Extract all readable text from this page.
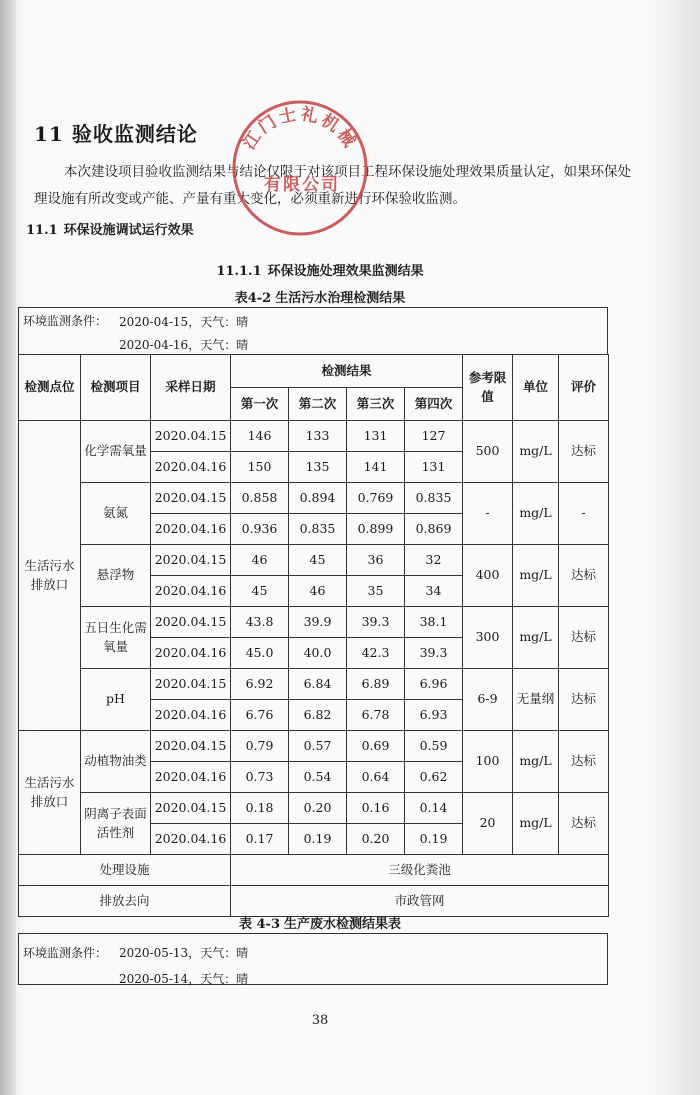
11 验收监测结论
本次建设项目验收监测结果与结论仅限于对该项目工程环保设施处理效果质量认定，如果环保处理设施有所改变或产能、产量有重大变化，必须重新进行环保验收监测。
11.1 环保设施调试运行效果
11.1.1 环保设施处理效果监测结果
表4-2 生活污水治理检测结果
环境监测条件： 2020-04-15，天气：晴
2020-04-16，天气：晴
检测点位	检测项目	采样日期	检测结果				参考限值	单位	评价
			第一次	第二次	第三次	第四次			
生活污水排放口	化学需氧量	2020.04.15	146	133	131	127	500	mg/L	达标
		2020.04.16	150	135	141	131			
	氨氮	2020.04.15	0.858	0.894	0.769	0.835	-	mg/L	-
		2020.04.16	0.936	0.835	0.899	0.869			
	悬浮物	2020.04.15	46	45	36	32	400	mg/L	达标
		2020.04.16	45	46	35	34			
	五日生化需氧量	2020.04.15	43.8	39.9	39.3	38.1	300	mg/L	达标
		2020.04.16	45.0	40.0	42.3	39.3			
	pH	2020.04.15	6.92	6.84	6.89	6.96	6-9	无量纲	达标
		2020.04.16	6.76	6.82	6.78	6.93			
生活污水排放口	动植物油类	2020.04.15	0.79	0.57	0.69	0.59	100	mg/L	达标
		2020.04.16	0.73	0.54	0.64	0.62			
	阴离子表面活性剂	2020.04.15	0.18	0.20	0.16	0.14	20	mg/L	达标
		2020.04.16	0.17	0.19	0.20	0.19			
处理设施			三级化粪池						
排放去向			市政管网						
表 4-3 生产废水检测结果表
环境监测条件： 2020-05-13，天气：晴
2020-05-14，天气：晴
38
江门士礼机械
有限公司
